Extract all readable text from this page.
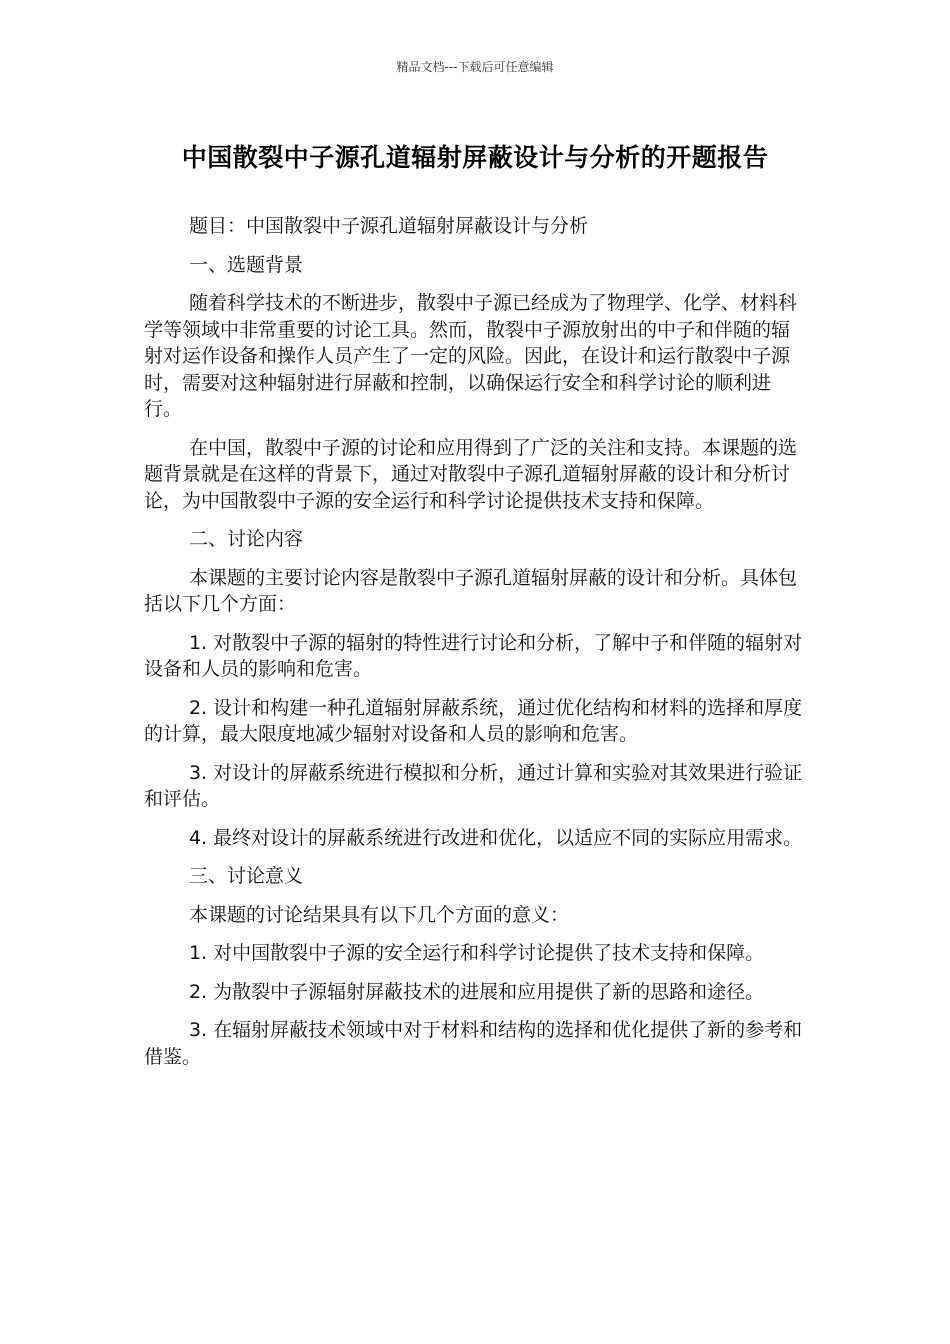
精品文档---下载后可任意编辑
中国散裂中子源孔道辐射屏蔽设计与分析的开题报告

题目：中国散裂中子源孔道辐射屏蔽设计与分析

一、选题背景

随着科学技术的不断进步，散裂中子源已经成为了物理学、化学、材料科学等领域中非常重要的讨论工具。然而，散裂中子源放射出的中子和伴随的辐射对运作设备和操作人员产生了一定的风险。因此，在设计和运行散裂中子源时，需要对这种辐射进行屏蔽和控制，以确保运行安全和科学讨论的顺利进行。

在中国，散裂中子源的讨论和应用得到了广泛的关注和支持。本课题的选题背景就是在这样的背景下，通过对散裂中子源孔道辐射屏蔽的设计和分析讨论，为中国散裂中子源的安全运行和科学讨论提供技术支持和保障。

二、讨论内容

本课题的主要讨论内容是散裂中子源孔道辐射屏蔽的设计和分析。具体包括以下几个方面：

1. 对散裂中子源的辐射的特性进行讨论和分析，了解中子和伴随的辐射对设备和人员的影响和危害。

2. 设计和构建一种孔道辐射屏蔽系统，通过优化结构和材料的选择和厚度的计算，最大限度地减少辐射对设备和人员的影响和危害。

3. 对设计的屏蔽系统进行模拟和分析，通过计算和实验对其效果进行验证和评估。

4. 最终对设计的屏蔽系统进行改进和优化，以适应不同的实际应用需求。

三、讨论意义

本课题的讨论结果具有以下几个方面的意义：

1. 对中国散裂中子源的安全运行和科学讨论提供了技术支持和保障。

2. 为散裂中子源辐射屏蔽技术的进展和应用提供了新的思路和途径。

3. 在辐射屏蔽技术领域中对于材料和结构的选择和优化提供了新的参考和借鉴。
